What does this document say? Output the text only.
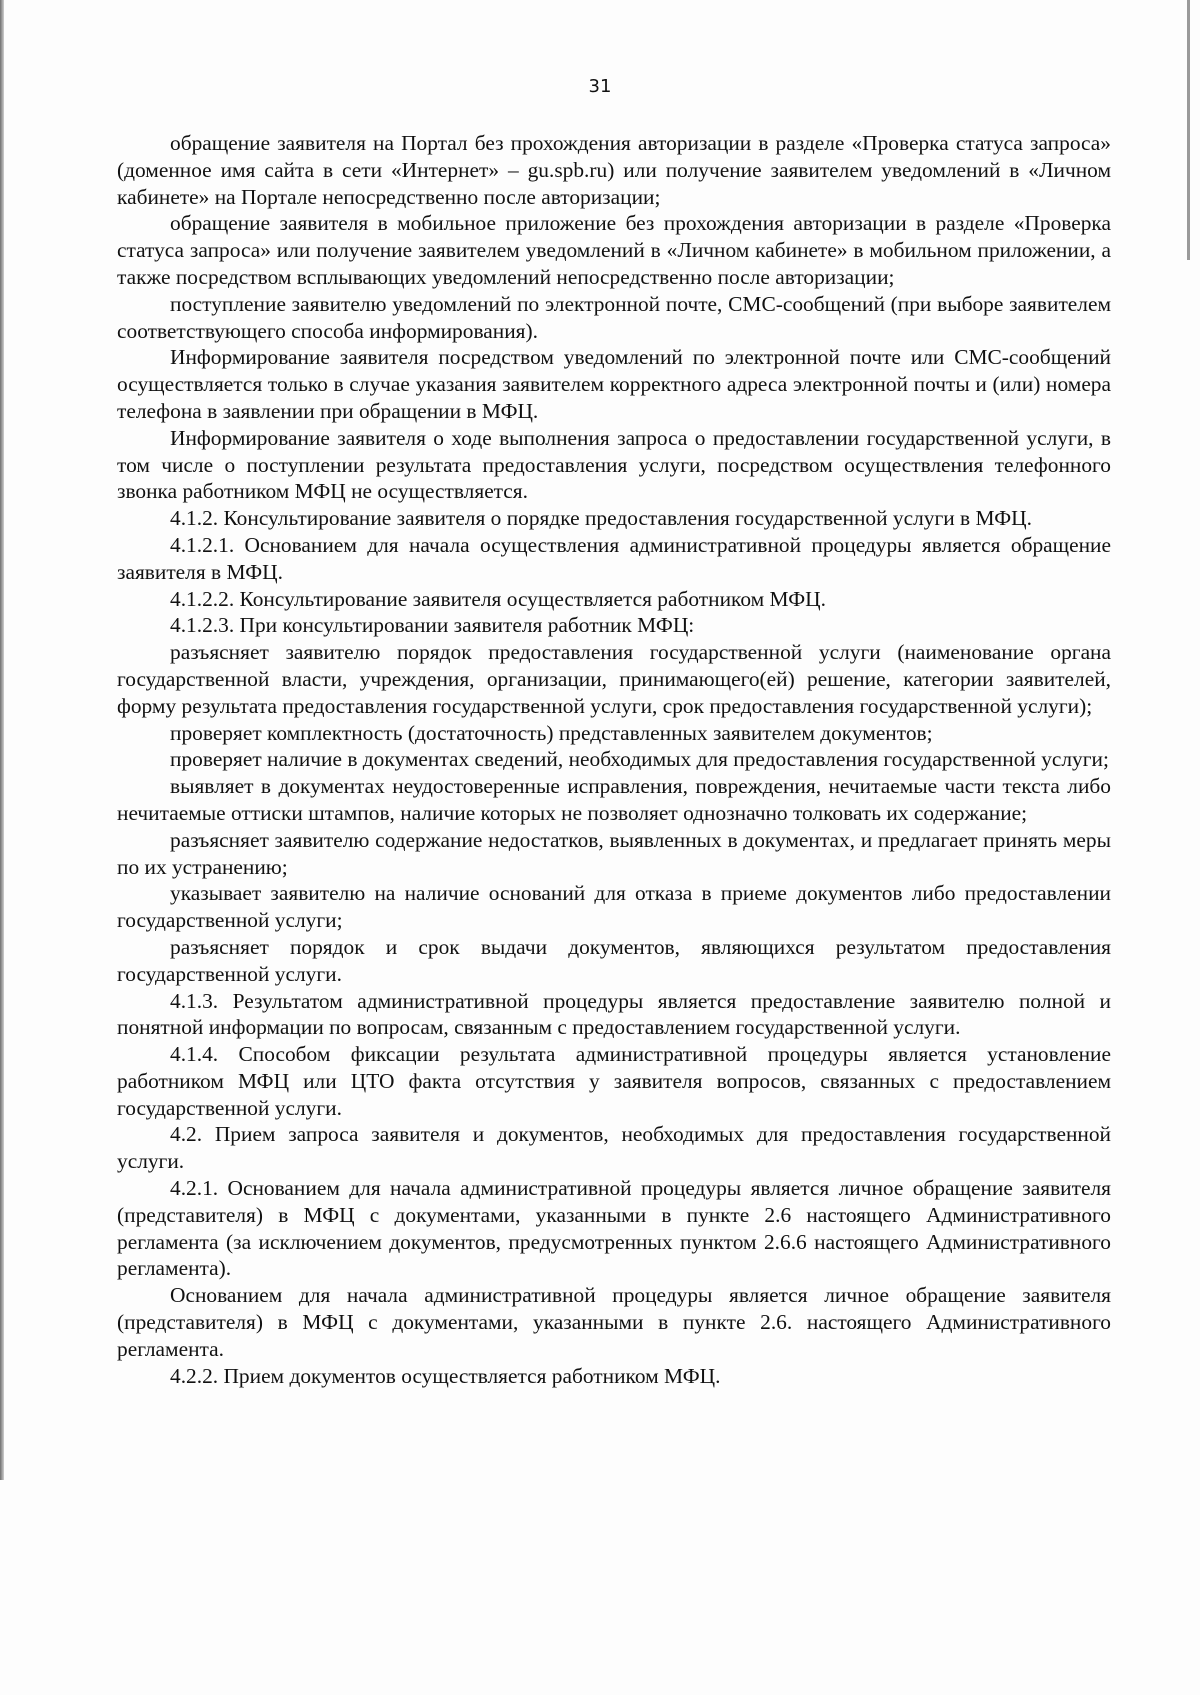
31

обращение заявителя на Портал без прохождения авторизации в разделе «Проверка статуса запроса» (доменное имя сайта в сети «Интернет» – gu.spb.ru) или получение заявителем уведомлений в «Личном кабинете» на Портале непосредственно после авторизации;

обращение заявителя в мобильное приложение без прохождения авторизации в разделе «Проверка статуса запроса» или получение заявителем уведомлений в «Личном кабинете» в мобильном приложении, а также посредством всплывающих уведомлений непосредственно после авторизации;

поступление заявителю уведомлений по электронной почте, СМС-сообщений (при выборе заявителем соответствующего способа информирования).

Информирование заявителя посредством уведомлений по электронной почте или СМС-сообщений осуществляется только в случае указания заявителем корректного адреса электронной почты и (или) номера телефона в заявлении при обращении в МФЦ.

Информирование заявителя о ходе выполнения запроса о предоставлении государственной услуги, в том числе о поступлении результата предоставления услуги, посредством осуществления телефонного звонка работником МФЦ не осуществляется.

4.1.2. Консультирование заявителя о порядке предоставления государственной услуги в МФЦ.

4.1.2.1. Основанием для начала осуществления административной процедуры является обращение заявителя в МФЦ.

4.1.2.2. Консультирование заявителя осуществляется работником МФЦ.

4.1.2.3. При консультировании заявителя работник МФЦ:

разъясняет заявителю порядок предоставления государственной услуги (наименование органа государственной власти, учреждения, организации, принимающего(ей) решение, категории заявителей, форму результата предоставления государственной услуги, срок предоставления государственной услуги);

проверяет комплектность (достаточность) представленных заявителем документов;

проверяет наличие в документах сведений, необходимых для предоставления государственной услуги;

выявляет в документах неудостоверенные исправления, повреждения, нечитаемые части текста либо нечитаемые оттиски штампов, наличие которых не позволяет однозначно толковать их содержание;

разъясняет заявителю содержание недостатков, выявленных в документах, и предлагает принять меры по их устранению;

указывает заявителю на наличие оснований для отказа в приеме документов либо предоставлении государственной услуги;

разъясняет порядок и срок выдачи документов, являющихся результатом предоставления государственной услуги.

4.1.3. Результатом административной процедуры является предоставление заявителю полной и понятной информации по вопросам, связанным с предоставлением государственной услуги.

4.1.4. Способом фиксации результата административной процедуры является установление работником МФЦ или ЦТО факта отсутствия у заявителя вопросов, связанных с предоставлением государственной услуги.

4.2. Прием запроса заявителя и документов, необходимых для предоставления государственной услуги.

4.2.1. Основанием для начала административной процедуры является личное обращение заявителя (представителя) в МФЦ с документами, указанными в пункте 2.6 настоящего Административного регламента (за исключением документов, предусмотренных пунктом 2.6.6 настоящего Административного регламента).

Основанием для начала административной процедуры является личное обращение заявителя (представителя) в МФЦ с документами, указанными в пункте 2.6. настоящего Административного регламента.

4.2.2. Прием документов осуществляется работником МФЦ.
